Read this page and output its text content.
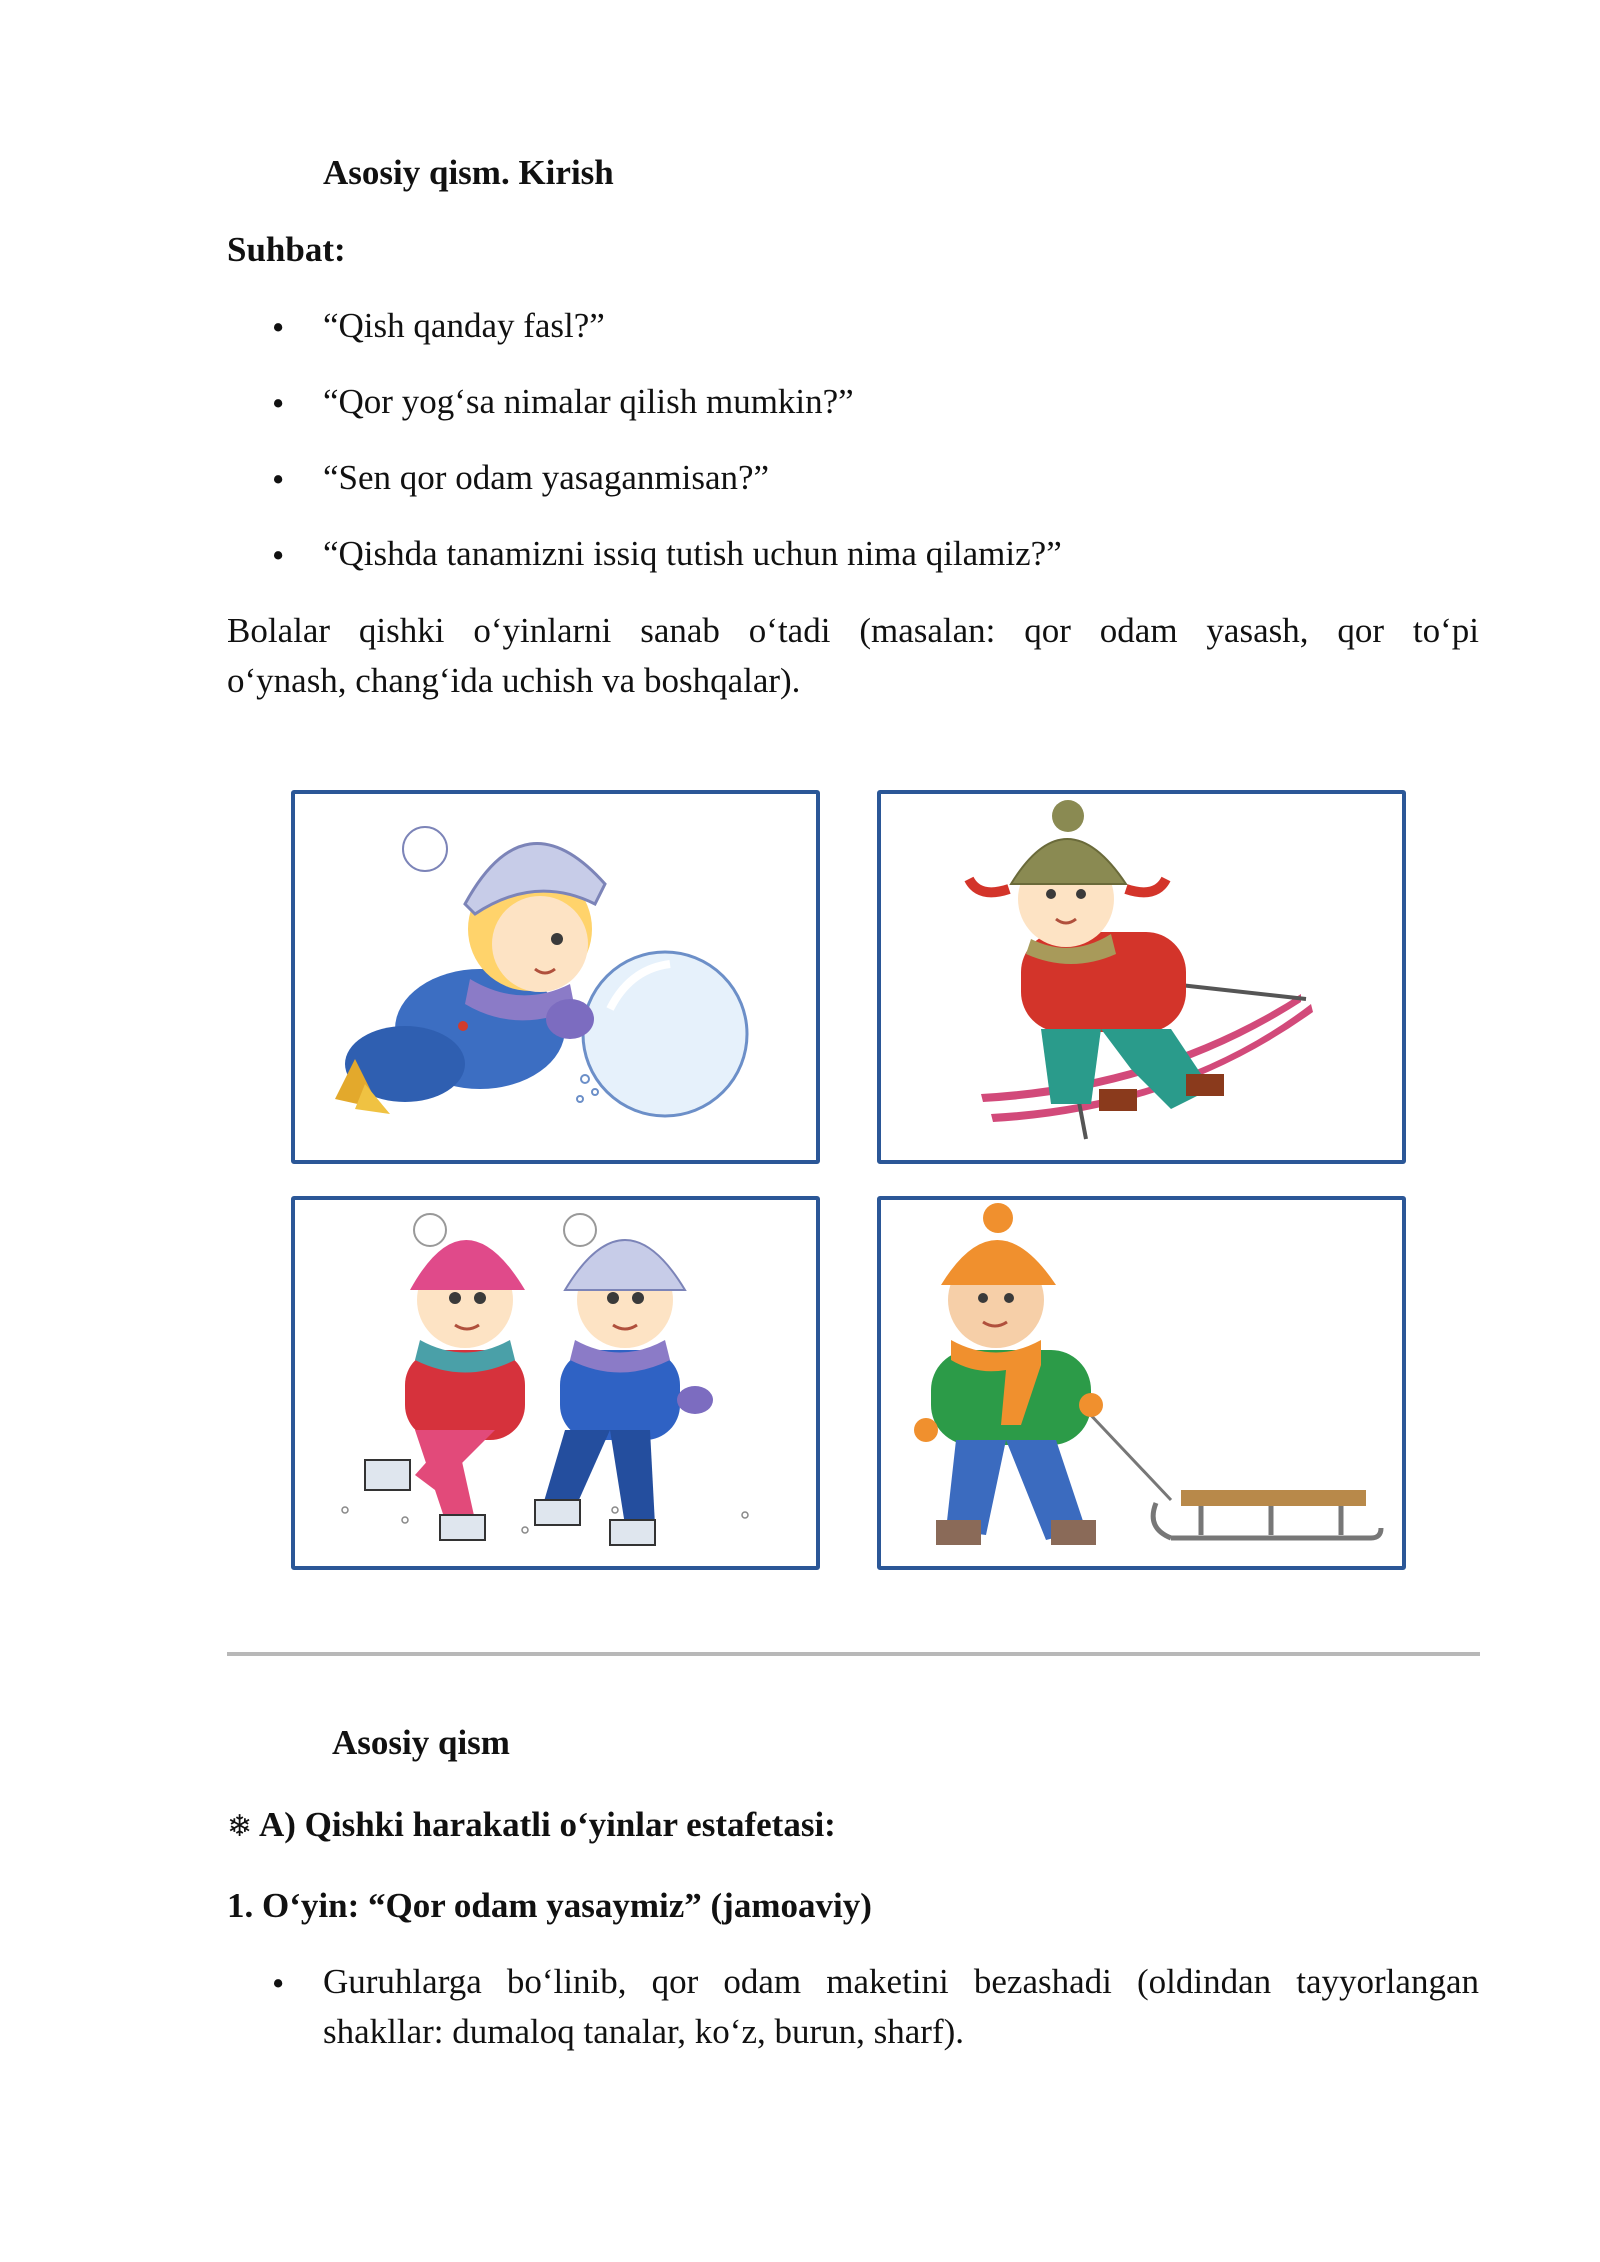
Asosiy qism. Kirish
Suhbat:
• “Qish qanday fasl?”
• “Qor yog‘sa nimalar qilish mumkin?”
• “Sen qor odam yasaganmisan?”
• “Qishda tanamizni issiq tutish uchun nima qilamiz?”
Bolalar qishki o‘yinlarni sanab o‘tadi (masalan: qor odam yasash, qor to‘pi
o‘ynash, chang‘ida uchish va boshqalar).
Asosiy qism
❄ A) Qishki harakatli o‘yinlar estafetasi:
1. O‘yin: “Qor odam yasaymiz” (jamoaviy)
• Guruhlarga bo‘linib, qor odam maketini bezashadi (oldindan tayyorlangan
shakllar: dumaloq tanalar, ko‘z, burun, sharf).
